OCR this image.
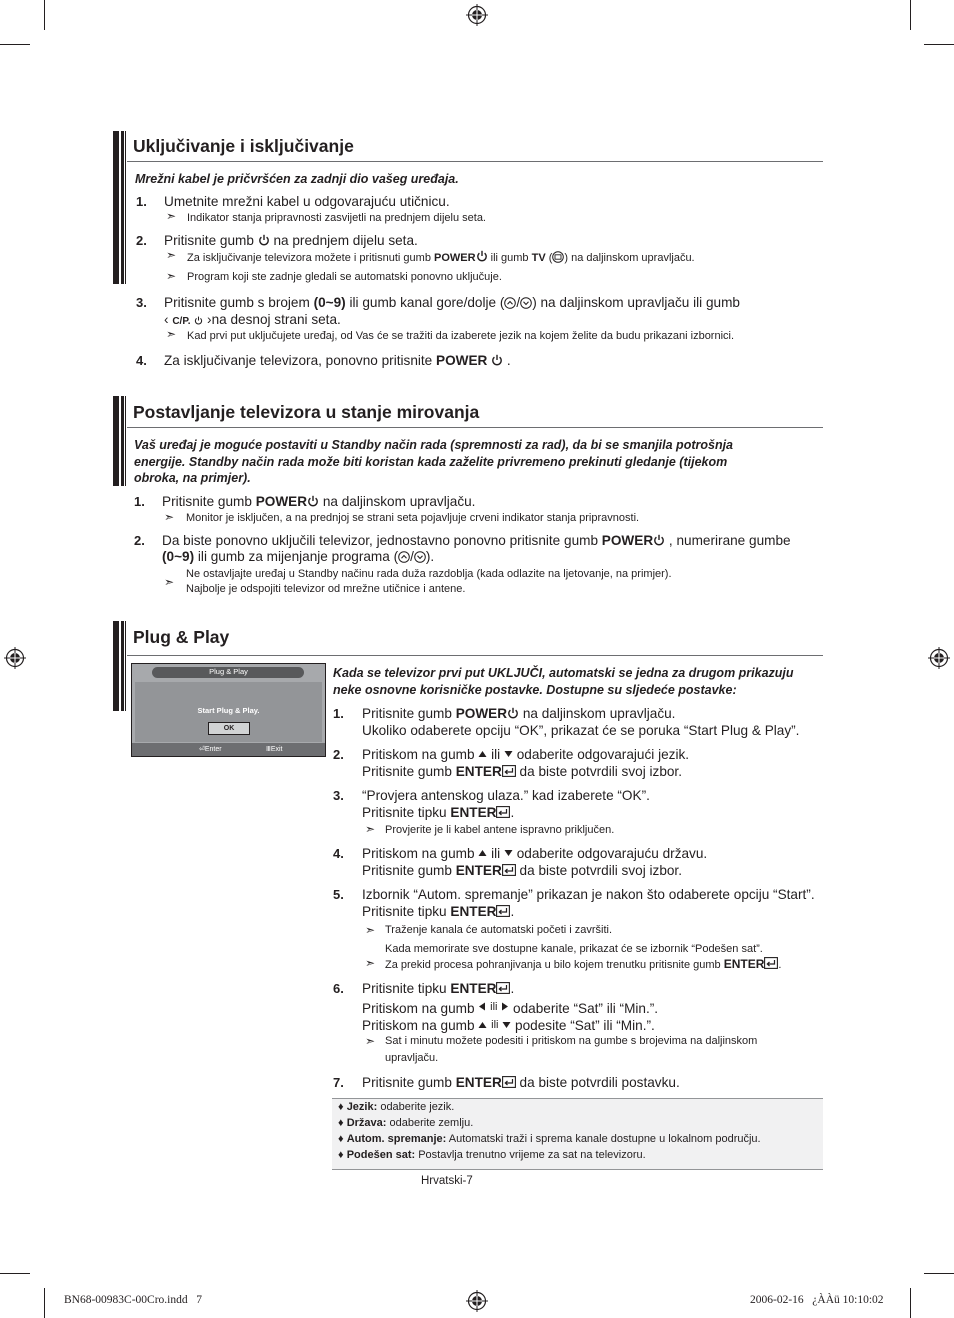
Uključivanje i isključivanje
Mrežni kabel je pričvršćen za zadnji dio vašeg uređaja.
1. Umetnite mrežni kabel u odgovarajuću utičnicu.
➣ Indikator stanja pripravnosti zasvijetli na prednjem dijelu seta.
2. Pritisnite gumb  na prednjem dijelu seta.
➣ Za isključivanje televizora možete i pritisnuti gumb POWER ili gumb TV ( ) na daljinskom upravljaču.
➣ Program koji ste zadnje gledali se automatski ponovno uključuje.
3. Pritisnite gumb s brojem (0~9) ili gumb kanal gore/dolje ( / ) na daljinskom upravljaču ili gumb
‹ C/P. ›na desnoj strani seta.
➣ Kad prvi put uključujete uređaj, od Vas će se tražiti da izaberete jezik na kojem želite da budu prikazani izbornici.
4. Za isključivanje televizora, ponovno pritisnite POWER  .
Postavljanje televizora u stanje mirovanja
Vaš uređaj je moguće postaviti u Standby način rada (spremnosti za rad), da bi se smanjila potrošnja
energije. Standby način rada može biti koristan kada zaželite privremeno prekinuti gledanje (tijekom
obroka, na primjer).
1. Pritisnite gumb POWER na daljinskom upravljaču.
➣ Monitor je isključen, a na prednjoj se strani seta pojavljuje crveni indikator stanja pripravnosti.
2. Da biste ponovno uključili televizor, jednostavno ponovno pritisnite gumb POWER , numerirane gumbe
(0~9) ili gumb za mijenjanje programa ( / ).
➣
Ne ostavljajte uređaj u Standby načinu rada duža razdoblja (kada odlazite na ljetovanje, na primjer).
Najbolje je odspojiti televizor od mrežne utičnice i antene.
Plug & Play
Plug & Play
Start Plug & Play.
OK
⏎Enter	ⅢExit
Kada se televizor prvi put UKLJUČI, automatski se jedna za drugom prikazuju
neke osnovne korisničke postavke. Dostupne su sljedeće postavke:
1. Pritisnite gumb POWER na daljinskom upravljaču.
Ukoliko odaberete opciju “OK”, prikazat će se poruka “Start Plug & Play”.
2. Pritiskom na gumb  ili  odaberite odgovarajući jezik.
Pritisnite gumb ENTER da biste potvrdili svoj izbor.
3. “Provjera antenskog ulaza.” kad izaberete “OK”.
Pritisnite tipku ENTER .
➣ Provjerite je li kabel antene ispravno priključen.
4. Pritiskom na gumb  ili  odaberite odgovarajuću državu.
Pritisnite gumb ENTER da biste potvrdili svoj izbor.
5. Izbornik “Autom. spremanje” prikazan je nakon što odaberete opciju “Start”.
Pritisnite tipku ENTER .
➣ Traženje kanala će automatski početi i završiti.
Kada memorirate sve dostupne kanale, prikazat će se izbornik “Podešen sat”.
➣ Za prekid procesa pohranjivanja u bilo kojem trenutku pritisnite gumb ENTER .
6. Pritisnite tipku ENTER .
Pritiskom na gumb  $^{ili}$  odaberite “Sat” ili “Min.”.
Pritiskom na gumb  ili  podesite “Sat” ili “Min.”.
➣ Sat i minutu možete podesiti i pritiskom na gumbe s brojevima na daljinskom
upravljaču.
7. Pritisnite gumb ENTER da biste potvrdili postavku.
♦ Jezik: odaberite jezik.
♦ Država: odaberite zemlju.
♦ Autom. spremanje: Automatski traži i sprema kanale dostupne u lokalnom području.
♦ Podešen sat: Postavlja trenutno vrijeme za sat na televizoru.
Hrvatski-7
BN68-00983C-00Cro.indd   7	2006-02-16   ¿ÀÀü 10:10:02
